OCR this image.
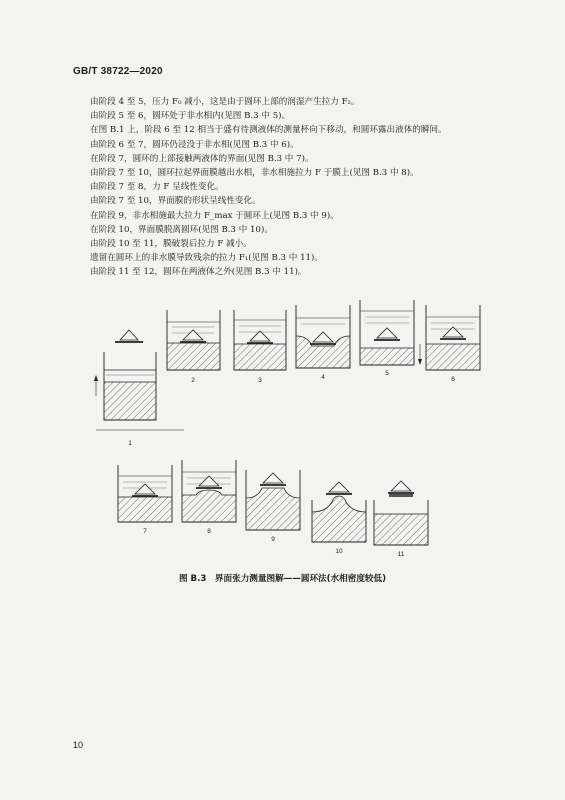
GB/T 38722—2020
由阶段 4 至 5，压力 F₀ 减小，这是由于圆环上部的润湿产生拉力 F₂。
由阶段 5 至 6，圆环处于非水相内(见图 B.3 中 5)。
在图 B.1 上，阶段 6 至 12 相当于盛有待测液体的测量杯向下移动，和圆环露出液体的瞬间。
由阶段 6 至 7，圆环仍浸没于非水相(见图 B.3 中 6)。
在阶段 7，圆环的上部接触两液体的界面(见图 B.3 中 7)。
由阶段 7 至 10，圆环拉起界面膜越出水相，非水相施拉力 F 于膜上(见图 B.3 中 8)。
由阶段 7 至 8，力 F 呈线性变化。
由阶段 7 至 10，界面膜的形状呈线性变化。
在阶段 9，非水相施最大拉力 F_max 于圆环上(见图 B.3 中 9)。
在阶段 10，界面膜脱离圆环(见图 B.3 中 10)。
由阶段 10 至 11，膜破裂后拉力 F 减小。
遗留在圆环上的非水膜导致残余的拉力 F₁(见图 B.3 中 11)。
由阶段 11 至 12，圆环在两液体之外(见图 B.3 中 11)。
1
2	3	4
5
6
7	8
9
10	11
图 B.3　界面张力测量图解——圆环法(水相密度较低)
10
